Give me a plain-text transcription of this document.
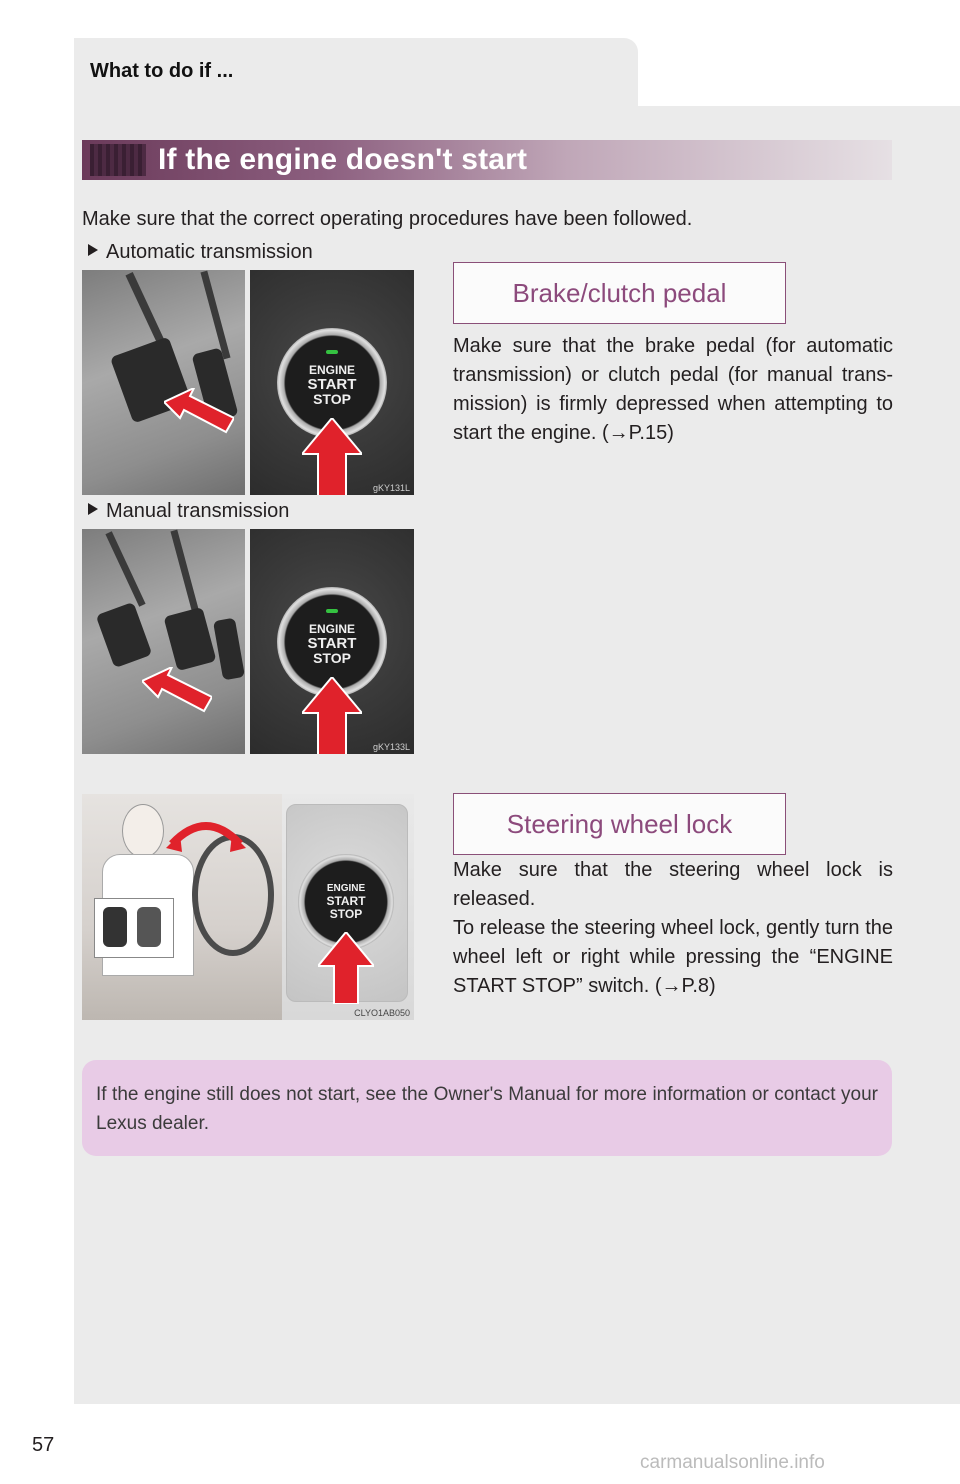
What to do if ...
If the engine doesn't start
Make sure that the correct operating procedures have been followed.
Automatic transmission
ENGINE
START
STOP
gKY131L
Brake/clutch pedal
Make sure that the brake pedal (for automatic transmission) or clutch pedal (for manual trans-mission) is firmly depressed when attempting to start the engine. (→P.15)
Manual transmission
ENGINE
START
STOP
gKY133L
ENGINE
START
STOP
CLYO1AB050
Steering wheel lock
Make sure that the steering wheel lock is released.
To release the steering wheel lock, gently turn the wheel left or right while pressing the “ENGINE START STOP” switch. (→P.8)
If the engine still does not start, see the Owner's Manual for more information or contact your Lexus dealer.
57
carmanualsonline.info
